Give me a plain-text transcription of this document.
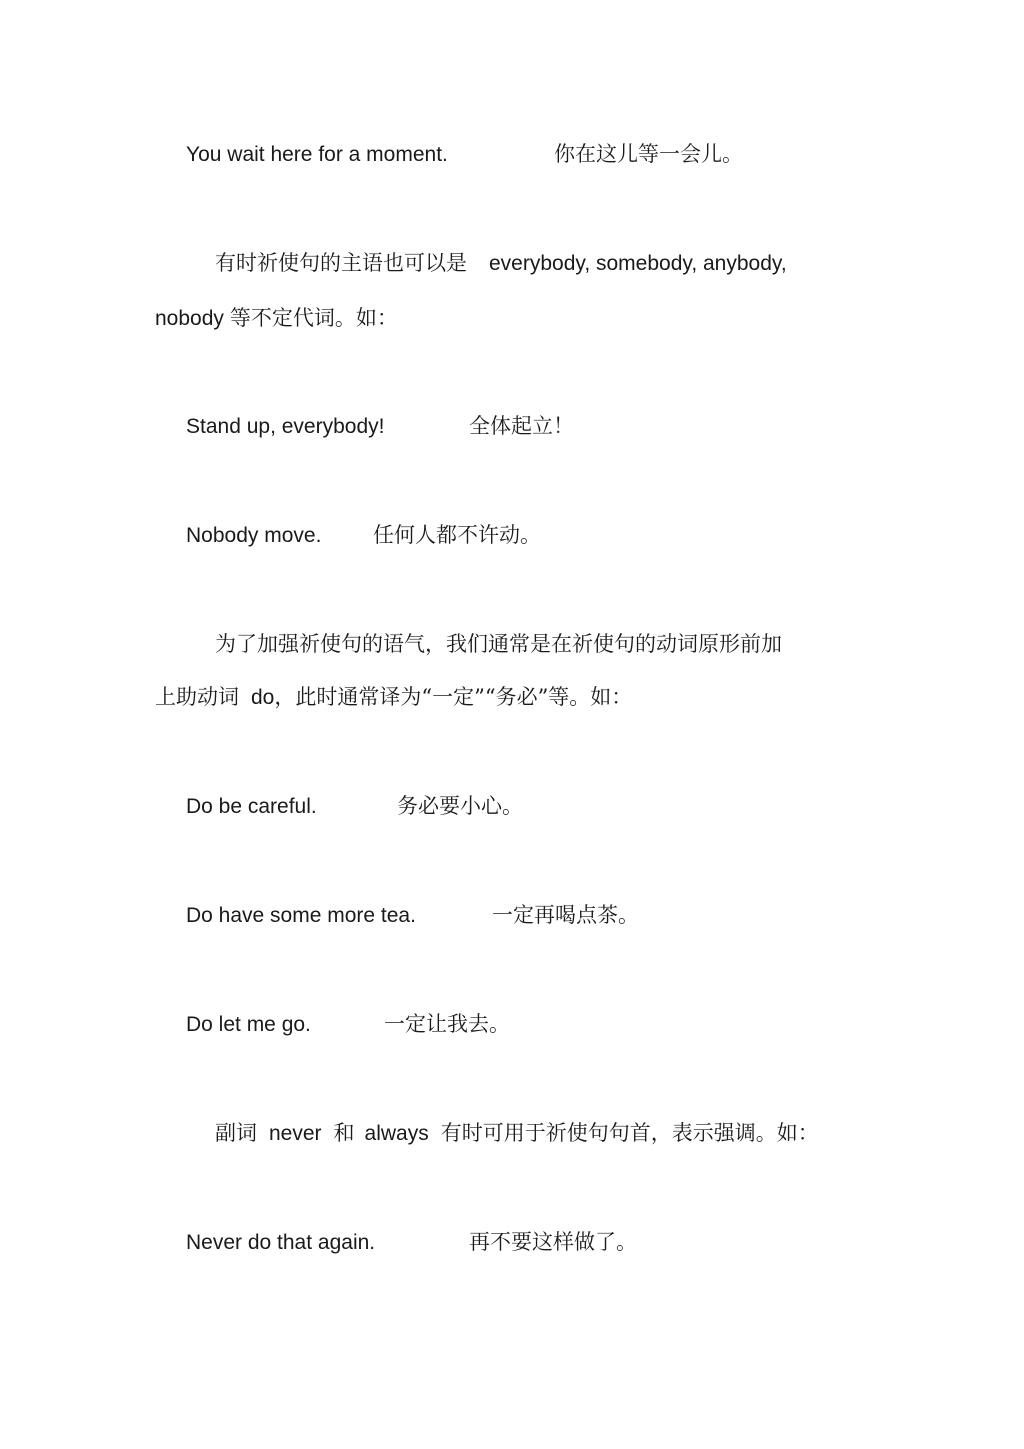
You wait here for a moment.	你在这儿等一会儿。
有时祈使句的主语也可以是 everybody, somebody, anybody,
nobody 等不定代词。如：
Stand up, everybody!	全体起立！
Nobody move. 任何人都不许动。
为了加强祈使句的语气，我们通常是在祈使句的动词原形前加
上助动词 do，此时通常译为“一定”“务必”等。如：
Do be careful.	务必要小心。
Do have some more tea.	一定再喝点茶。
Do let me go.	一定让我去。
副词 never 和 always 有时可用于祈使句句首，表示强调。如：
Never do that again.	再不要这样做了。
